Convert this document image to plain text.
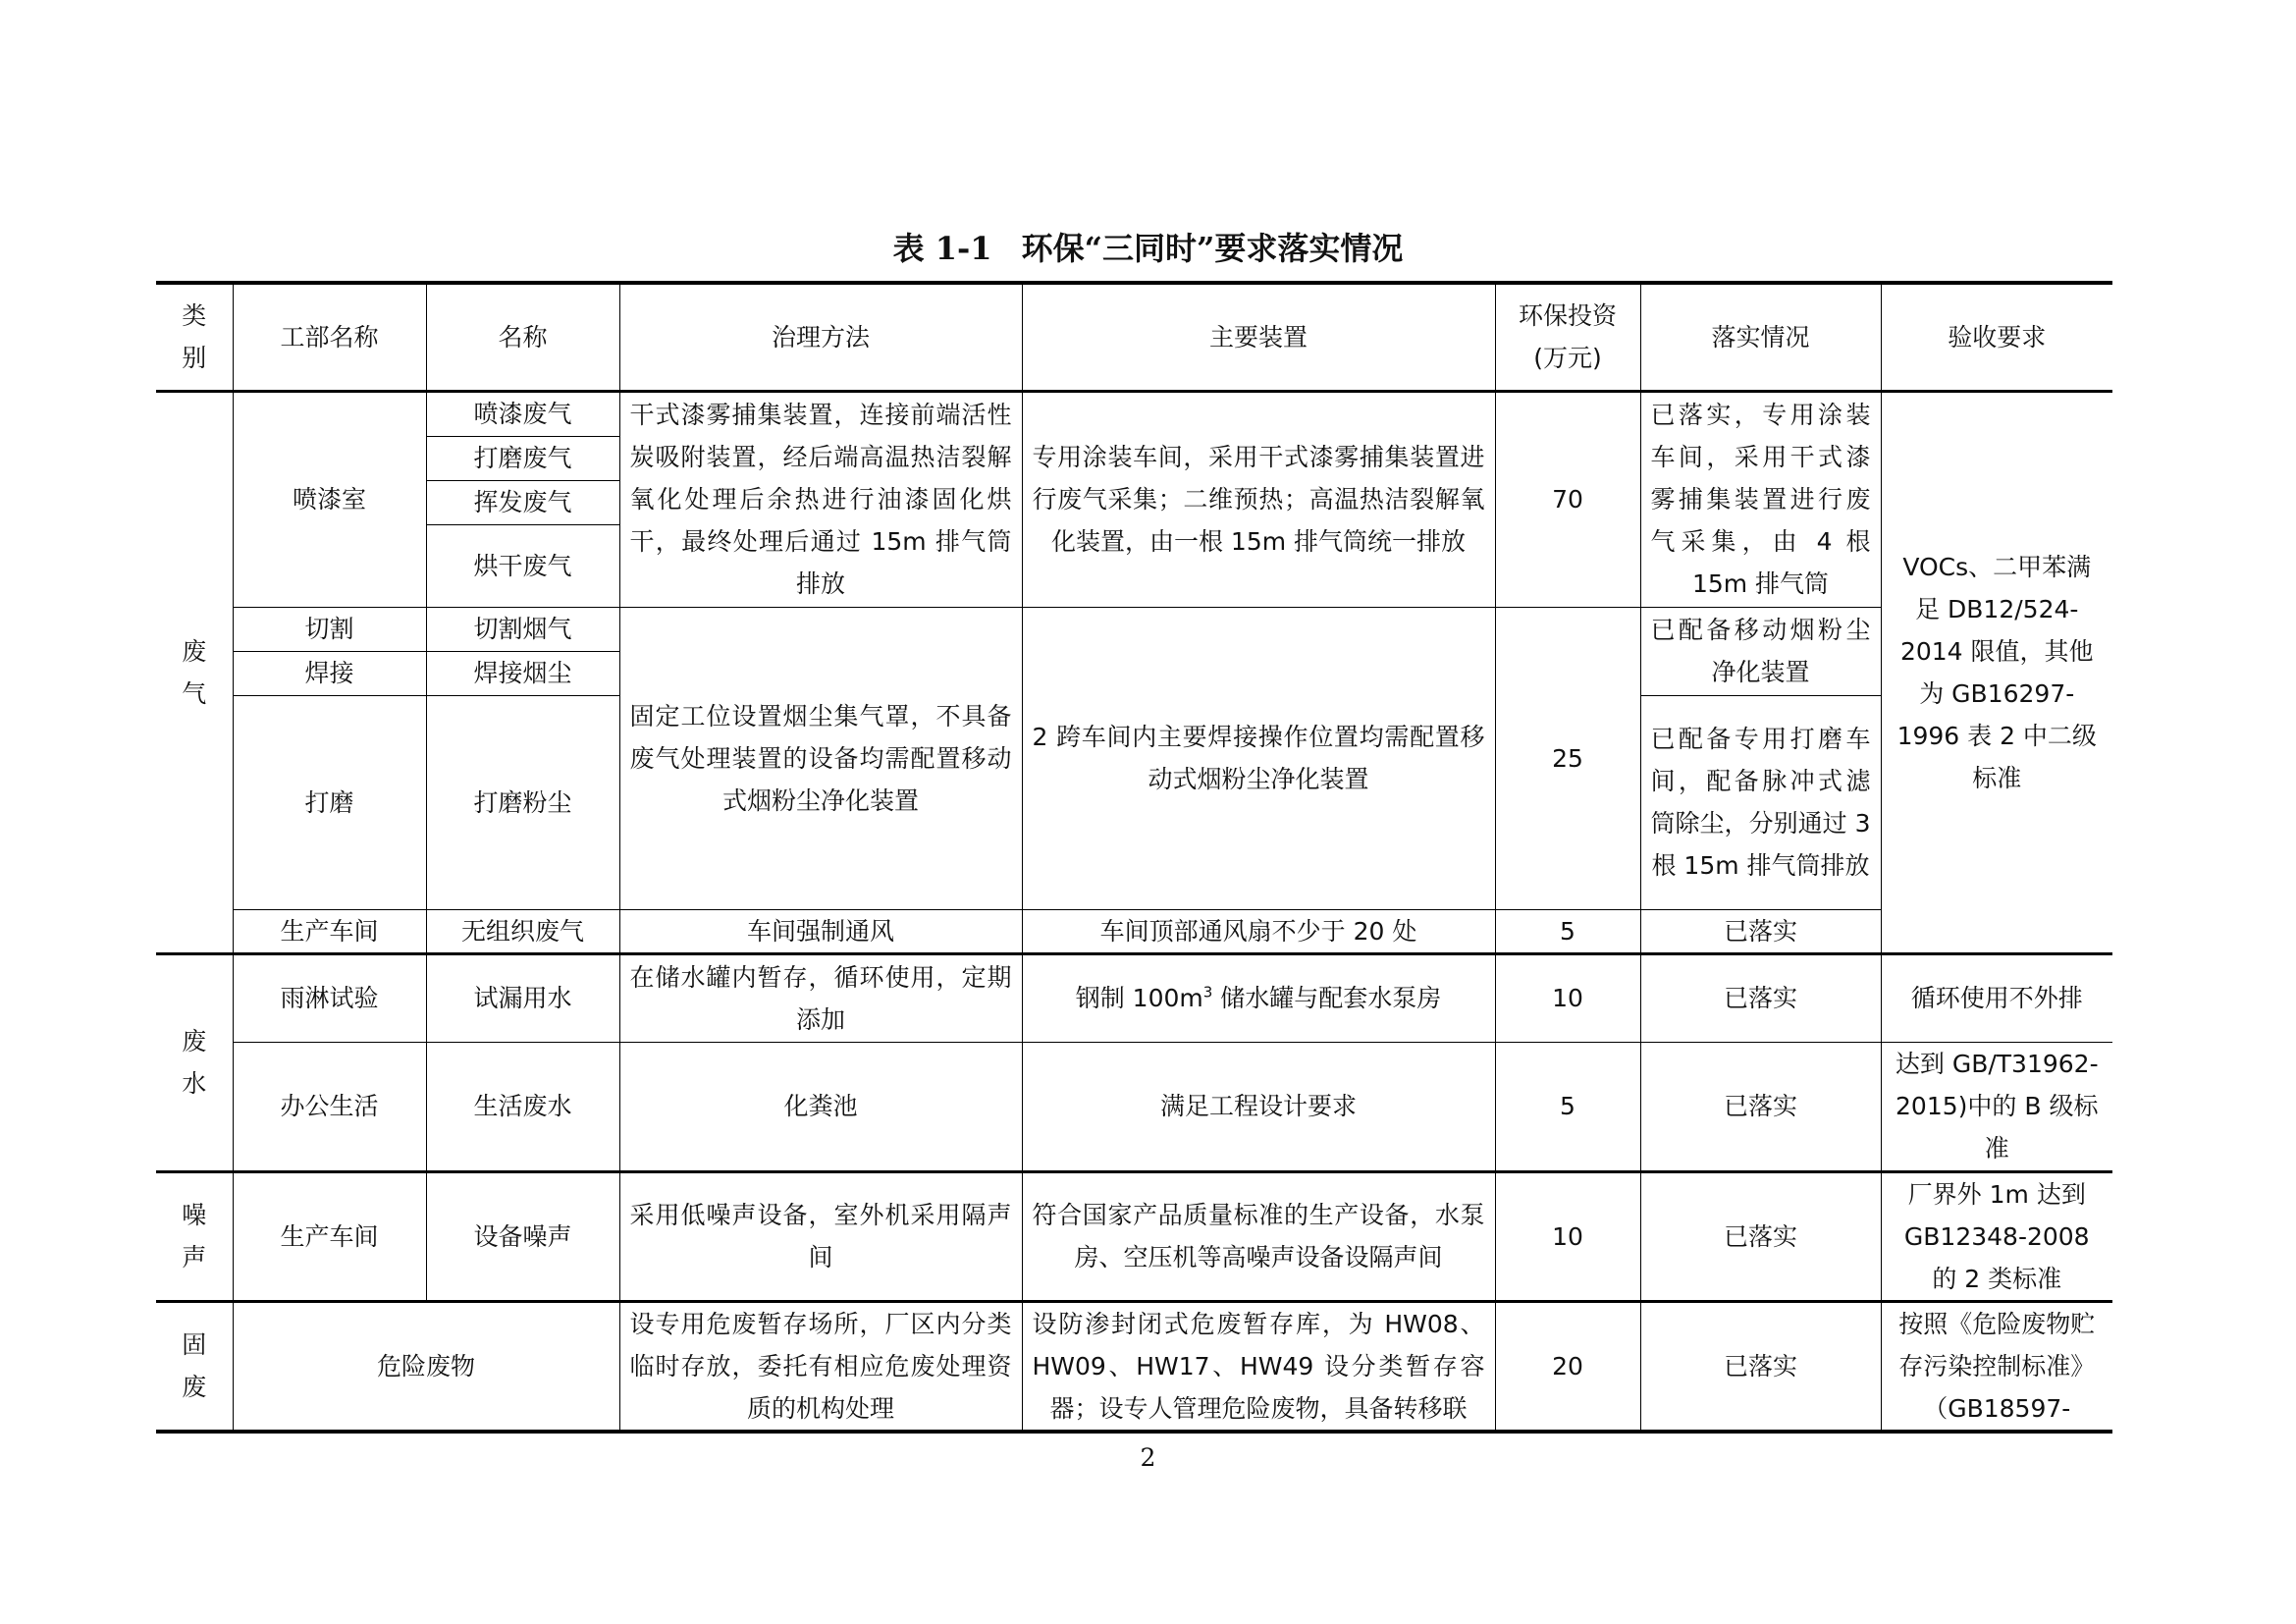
表 1-1 环保“三同时”要求落实情况
类别	工部名称	名称	治理方法	主要装置	环保投资(万元)	落实情况	验收要求
废气	喷漆室	喷漆废气	干式漆雾捕集装置，连接前端活性炭吸附装置，经后端高温热洁裂解氧化处理后余热进行油漆固化烘干，最终处理后通过 15m 排气筒排放	专用涂装车间，采用干式漆雾捕集装置进行废气采集；二维预热；高温热洁裂解氧化装置，由一根 15m 排气筒统一排放	70	已落实，专用涂装车间，采用干式漆雾捕集装置进行废气采集，由 4 根 15m 排气筒	VOCs、二甲苯满足 DB12/524-2014 限值，其他为 GB16297-1996 表 2 中二级标准
		打磨废气					
		挥发废气					
		烘干废气					
	切割	切割烟气	固定工位设置烟尘集气罩，不具备废气处理装置的设备均需配置移动式烟粉尘净化装置	2 跨车间内主要焊接操作位置均需配置移动式烟粉尘净化装置	25	已配备移动烟粉尘净化装置	
	焊接	焊接烟尘					
	打磨	打磨粉尘				已配备专用打磨车间，配备脉冲式滤筒除尘，分别通过 3 根 15m 排气筒排放	
	生产车间	无组织废气	车间强制通风	车间顶部通风扇不少于 20 处	5	已落实	
废水	雨淋试验	试漏用水	在储水罐内暂存，循环使用，定期添加	钢制 $100m^3$ 储水罐与配套水泵房	10	已落实	循环使用不外排
	办公生活	生活废水	化粪池	满足工程设计要求	5	已落实	达到 GB/T31962-2015)中的 B 级标准
噪声	生产车间	设备噪声	采用低噪声设备，室外机采用隔声间	符合国家产品质量标准的生产设备，水泵房、空压机等高噪声设备设隔声间	10	已落实	厂界外 1m 达到 GB12348-2008 的 2 类标准
固废	危险废物		设专用危废暂存场所，厂区内分类临时存放，委托有相应危废处理资质的机构处理	设防渗封闭式危废暂存库，为 HW08、HW09、HW17、HW49 设分类暂存容器；设专人管理危险废物，具备转移联	20	已落实	按照《危险废物贮存污染控制标准》（GB18597-
2
